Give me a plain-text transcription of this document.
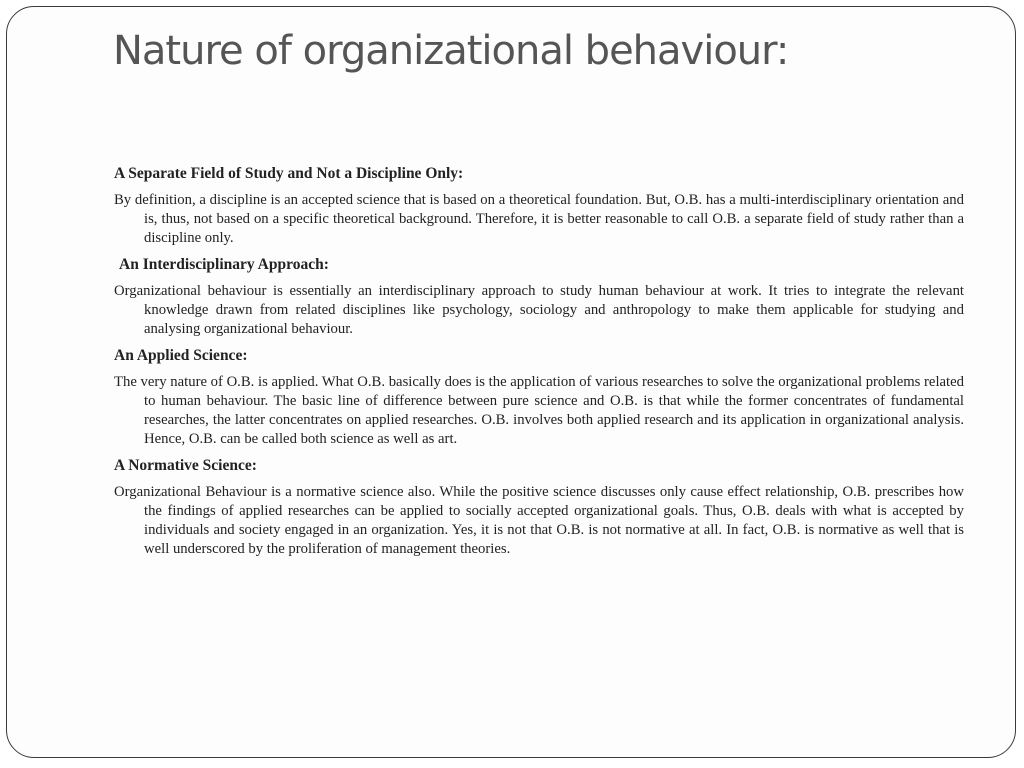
Nature of organizational behaviour:

A Separate Field of Study and Not a Discipline Only:

By definition, a discipline is an accepted science that is based on a theoretical foundation. But, O.B. has a multi-interdisciplinary orientation and is, thus, not based on a specific theoretical background. Therefore, it is better reasonable to call O.B. a separate field of study rather than a discipline only.

An Interdisciplinary Approach:

Organizational behaviour is essentially an interdisciplinary approach to study human behaviour at work. It tries to integrate the relevant knowledge drawn from related disciplines like psychology, sociology and anthropology to make them applicable for studying and analysing organizational behaviour.

An Applied Science:

The very nature of O.B. is applied. What O.B. basically does is the application of various researches to solve the organizational problems related to human behaviour. The basic line of difference between pure science and O.B. is that while the former concentrates of fundamental researches, the latter concentrates on applied researches. O.B. involves both applied research and its application in organizational analysis. Hence, O.B. can be called both science as well as art.

A Normative Science:

Organizational Behaviour is a normative science also. While the positive science discusses only cause effect relationship, O.B. prescribes how the findings of applied researches can be applied to socially accepted organizational goals. Thus, O.B. deals with what is accepted by individuals and society engaged in an organization. Yes, it is not that O.B. is not normative at all. In fact, O.B. is normative as well that is well underscored by the proliferation of management theories.
